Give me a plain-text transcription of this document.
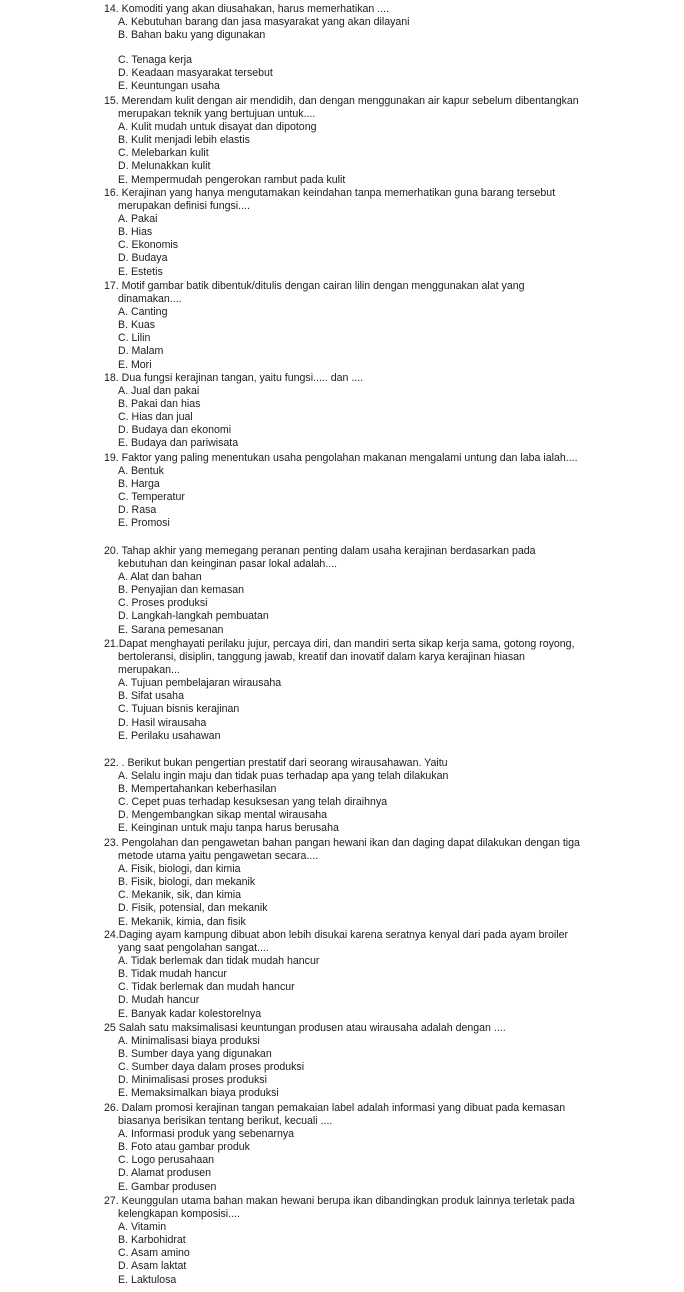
14. Komoditi yang akan diusahakan, harus memerhatikan ....

A. Kebutuhan barang dan jasa masyarakat yang akan dilayani
B. Bahan baku yang digunakan
C. Tenaga kerja
D. Keadaan masyarakat tersebut
E. Keuntungan usaha

15. Merendam kulit dengan air mendidih, dan dengan menggunakan air kapur sebelum dibentangkan merupakan teknik yang bertujuan untuk....

A. Kulit mudah untuk disayat dan dipotong
B. Kulit menjadi lebih elastis
C. Melebarkan kulit
D. Melunakkan kulit
E. Mempermudah pengerokan rambut pada kulit

16. Kerajinan yang hanya mengutamakan keindahan tanpa memerhatikan guna barang tersebut merupakan definisi fungsi....

A. Pakai
B. Hias
C. Ekonomis
D. Budaya
E. Estetis

17. Motif gambar batik dibentuk/ditulis dengan cairan lilin dengan menggunakan alat yang dinamakan....

A. Canting
B. Kuas
C. Lilin
D. Malam
E. Mori

18. Dua fungsi kerajinan tangan, yaitu fungsi..... dan ....

A. Jual dan pakai
B. Pakai dan hias
C. Hias dan jual
D. Budaya dan ekonomi
E. Budaya dan pariwisata

19. Faktor yang paling menentukan usaha pengolahan makanan mengalami untung dan laba ialah....

A. Bentuk
B. Harga
C. Temperatur
D. Rasa
E. Promosi

20. Tahap akhir yang memegang peranan penting dalam usaha kerajinan berdasarkan pada kebutuhan dan keinginan pasar lokal adalah....

A. Alat dan bahan
B. Penyajian dan kemasan
C. Proses produksi
D. Langkah-langkah pembuatan
E. Sarana pemesanan

21.Dapat menghayati perilaku jujur, percaya diri, dan mandiri serta sikap kerja sama, gotong royong, bertoleransi, disiplin, tanggung jawab, kreatif dan inovatif dalam karya kerajinan hiasan merupakan...

A. Tujuan pembelajaran wirausaha
B. Sifat usaha
C. Tujuan bisnis kerajinan
D. Hasil wirausaha
E. Perilaku usahawan

22. . Berikut bukan pengertian prestatif dari seorang wirausahawan. Yaitu

A. Selalu ingin maju dan tidak puas terhadap apa yang telah dilakukan
B. Mempertahankan keberhasilan
C. Cepet puas terhadap kesuksesan yang telah diraihnya
D. Mengembangkan sikap mental wirausaha
E. Keinginan untuk maju tanpa harus berusaha

23. Pengolahan dan pengawetan bahan pangan hewani ikan dan daging dapat dilakukan dengan tiga metode utama yaitu pengawetan secara....

A. Fisik, biologi, dan kimia
B. Fisik, biologi, dan mekanik
C. Mekanik, sik, dan kimia
D. Fisik, potensial, dan mekanik
E. Mekanik, kimia, dan fisik

24.Daging ayam kampung dibuat abon lebih disukai karena seratnya kenyal dari pada ayam broiler yang saat pengolahan sangat....

A. Tidak berlemak dan tidak mudah hancur
B. Tidak mudah hancur
C. Tidak berlemak dan mudah hancur
D. Mudah hancur
E. Banyak kadar kolestorelnya

25 Salah satu maksimalisasi keuntungan produsen atau wirausaha adalah dengan ....

A. Minimalisasi biaya produksi
B. Sumber daya yang digunakan
C. Sumber daya dalam proses produksi
D. Minimalisasi proses produksi
E. Memaksimalkan biaya produksi

26. Dalam promosi kerajinan tangan pemakaian label adalah informasi yang dibuat pada kemasan biasanya berisikan tentang berikut, kecuali ....

A. Informasi produk yang sebenarnya
B. Foto atau gambar produk
C. Logo perusahaan
D. Alamat produsen
E. Gambar produsen

27. Keunggulan utama bahan makan hewani berupa ikan dibandingkan produk lainnya terletak pada kelengkapan komposisi....

A. Vitamin
B. Karbohidrat
C. Asam amino
D. Asam laktat
E. Laktulosa
